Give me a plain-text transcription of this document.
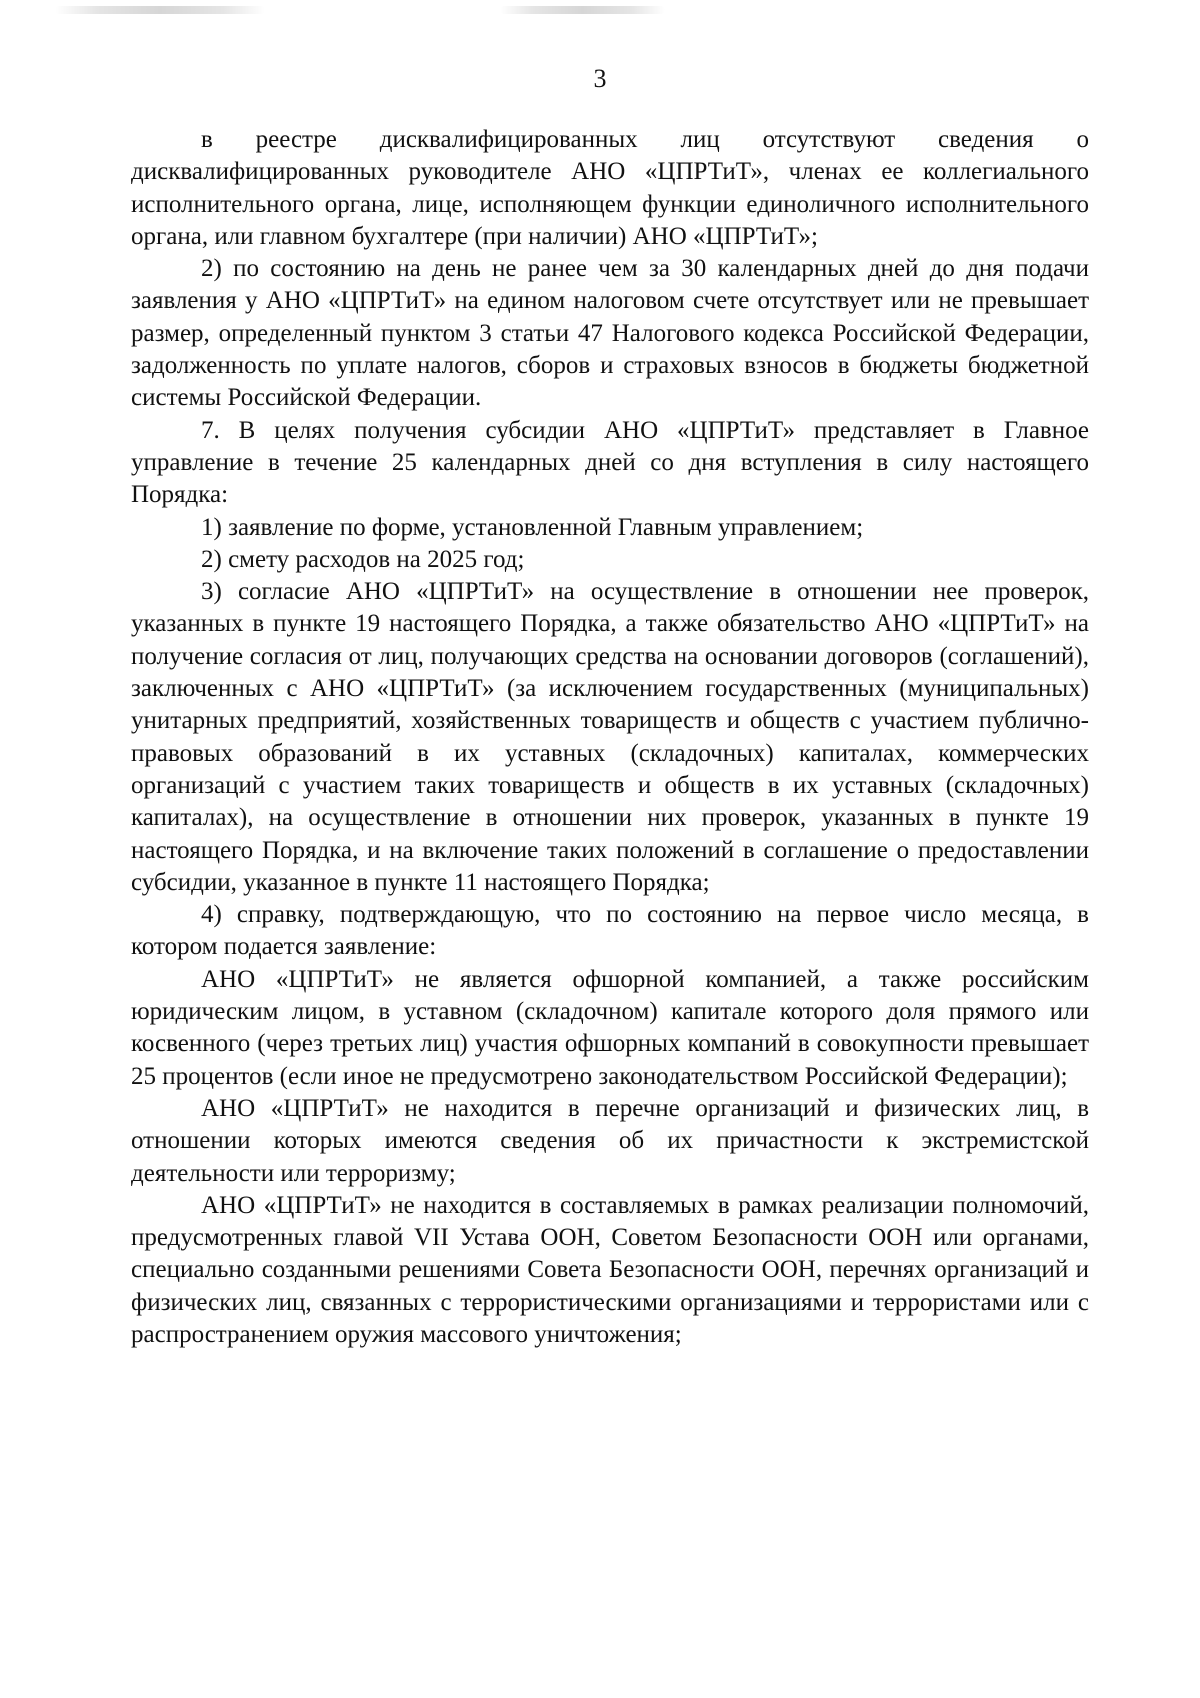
3

в реестре дисквалифицированных лиц отсутствуют сведения о дисквалифицированных руководителе АНО «ЦПРТиТ», членах ее коллегиального исполнительного органа, лице, исполняющем функции единоличного исполнительного органа, или главном бухгалтере (при наличии) АНО «ЦПРТиТ»;

2) по состоянию на день не ранее чем за 30 календарных дней до дня подачи заявления у АНО «ЦПРТиТ» на едином налоговом счете отсутствует или не превышает размер, определенный пунктом 3 статьи 47 Налогового кодекса Российской Федерации, задолженность по уплате налогов, сборов и страховых взносов в бюджеты бюджетной системы Российской Федерации.

7. В целях получения субсидии АНО «ЦПРТиТ» представляет в Главное управление в течение 25 календарных дней со дня вступления в силу настоящего Порядка:

1) заявление по форме, установленной Главным управлением;

2) смету расходов на 2025 год;

3) согласие АНО «ЦПРТиТ» на осуществление в отношении нее проверок, указанных в пункте 19 настоящего Порядка, а также обязательство АНО «ЦПРТиТ» на получение согласия от лиц, получающих средства на основании договоров (соглашений), заключенных с АНО «ЦПРТиТ» (за исключением государственных (муниципальных) унитарных предприятий, хозяйственных товариществ и обществ с участием публично-правовых образований в их уставных (складочных) капиталах, коммерческих организаций с участием таких товариществ и обществ в их уставных (складочных) капиталах), на осуществление в отношении них проверок, указанных в пункте 19 настоящего Порядка, и на включение таких положений в соглашение о предоставлении субсидии, указанное в пункте 11 настоящего Порядка;

4) справку, подтверждающую, что по состоянию на первое число месяца, в котором подается заявление:

АНО «ЦПРТиТ» не является офшорной компанией, а также российским юридическим лицом, в уставном (складочном) капитале которого доля прямого или косвенного (через третьих лиц) участия офшорных компаний в совокупности превышает 25 процентов (если иное не предусмотрено законодательством Российской Федерации);

АНО «ЦПРТиТ» не находится в перечне организаций и физических лиц, в отношении которых имеются сведения об их причастности к экстремистской деятельности или терроризму;

АНО «ЦПРТиТ» не находится в составляемых в рамках реализации полномочий, предусмотренных главой VII Устава ООН, Советом Безопасности ООН или органами, специально созданными решениями Совета Безопасности ООН, перечнях организаций и физических лиц, связанных с террористическими организациями и террористами или с распространением оружия массового уничтожения;
